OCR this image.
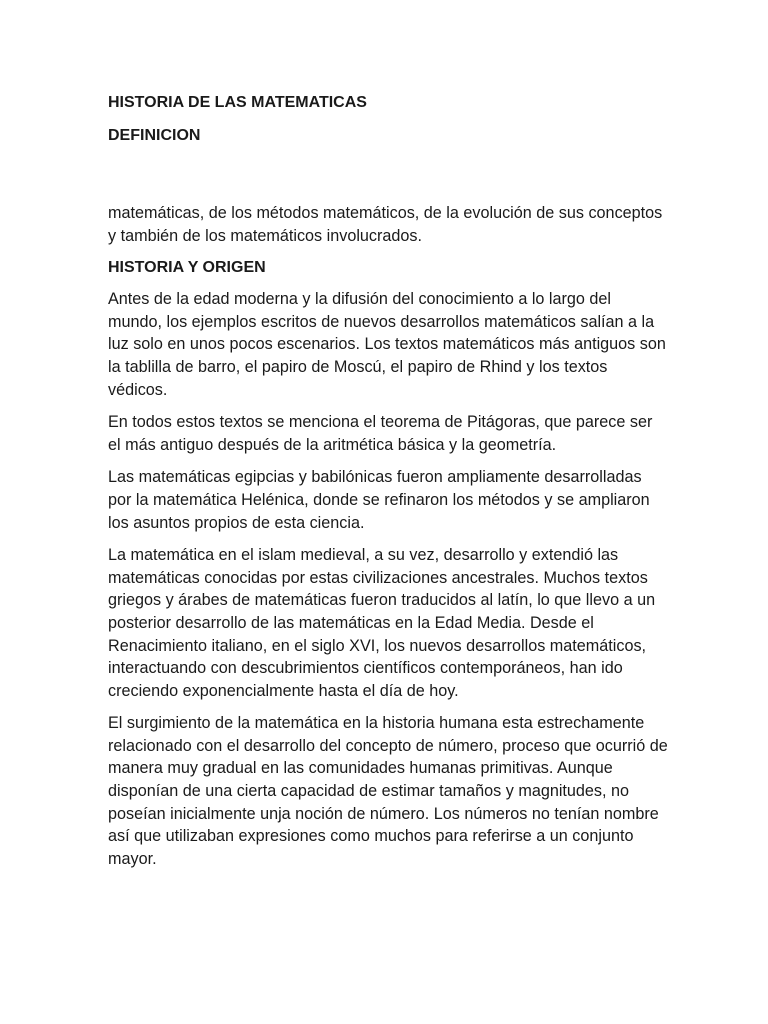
HISTORIA DE LAS MATEMATICAS
DEFINICION

matemáticas, de los métodos matemáticos, de la evolución de sus conceptos y también de los matemáticos involucrados.

HISTORIA Y ORIGEN

Antes de la edad moderna y la difusión del conocimiento a lo largo del mundo, los ejemplos escritos de nuevos desarrollos matemáticos salían a la luz solo en unos pocos escenarios. Los textos matemáticos más antiguos son la tablilla de barro, el papiro de Moscú, el papiro de Rhind y los textos védicos.

En todos estos textos se menciona el teorema de Pitágoras, que parece ser el más antiguo después de la aritmética básica y la geometría.

Las matemáticas egipcias y babilónicas fueron ampliamente desarrolladas por la matemática Helénica, donde se refinaron los métodos y se ampliaron los asuntos propios de esta ciencia.

La matemática en el islam medieval, a su vez, desarrollo y extendió las matemáticas conocidas por estas civilizaciones ancestrales. Muchos textos griegos y árabes de matemáticas fueron traducidos al latín, lo que llevo a un posterior desarrollo de las matemáticas en la Edad Media. Desde el Renacimiento italiano, en el siglo XVI, los nuevos desarrollos matemáticos, interactuando con descubrimientos científicos contemporáneos, han ido creciendo exponencialmente hasta el día de hoy.

El surgimiento de la matemática en la historia humana esta estrechamente relacionado con el desarrollo del concepto de número, proceso que ocurrió de manera muy gradual en las comunidades humanas primitivas. Aunque disponían de una cierta capacidad de estimar tamaños y magnitudes, no poseían inicialmente unja noción de número. Los números no tenían nombre así que utilizaban expresiones como muchos para referirse a un conjunto mayor.
